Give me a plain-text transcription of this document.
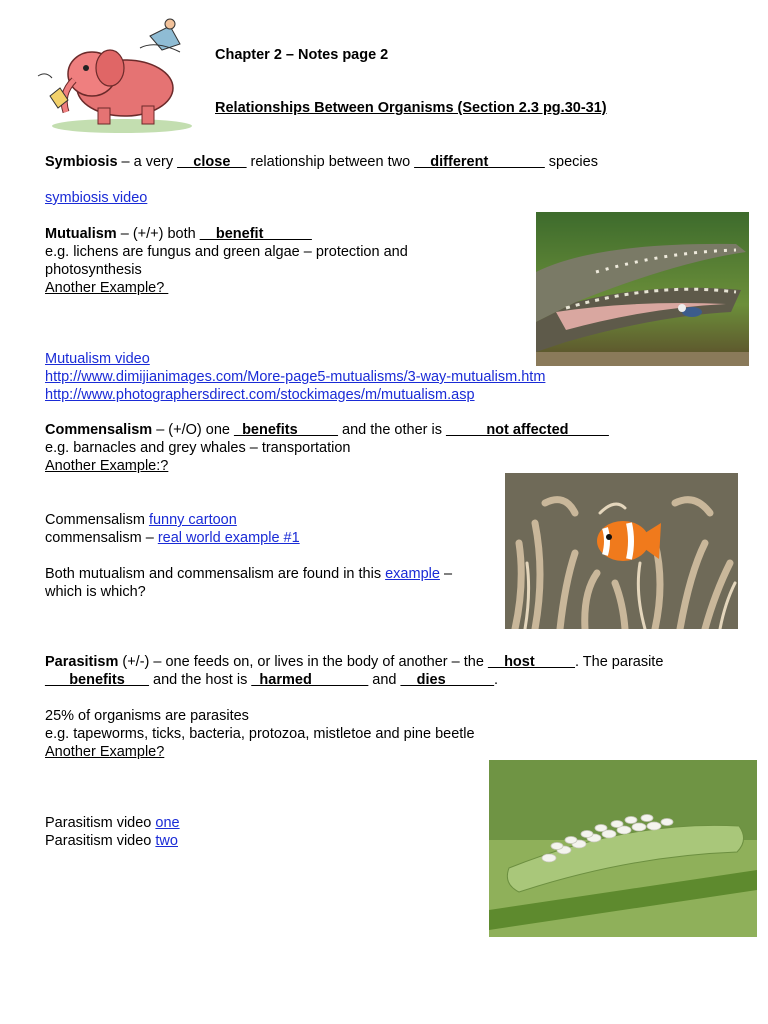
Chapter 2 – Notes page 2
Relationships Between Organisms (Section 2.3 pg.30-31)
Symbiosis – a very __close__ relationship between two __different_______ species
symbiosis video
Mutualism – (+/+) both __benefit______
e.g. lichens are fungus and green algae – protection and
photosynthesis
Another Example?
Mutualism video
http://www.dimijianimages.com/More-page5-mutualisms/3-way-mutualism.htm
http://www.photographersdirect.com/stockimages/m/mutualism.asp
Commensalism – (+/O) one _benefits_____ and the other is _____not affected_____
e.g. barnacles and grey whales – transportation
Another Example:?
Commensalism funny cartoon
commensalism – real world example #1
Both mutualism and commensalism are found in this example –
which is which?
Parasitism (+/-) – one feeds on, or lives in the body of another – the __host_____. The parasite
___benefits___ and the host is _harmed_______ and __dies______.
25% of organisms are parasites
e.g. tapeworms, ticks, bacteria, protozoa, mistletoe and pine beetle
Another Example?
Parasitism video one
Parasitism video two
